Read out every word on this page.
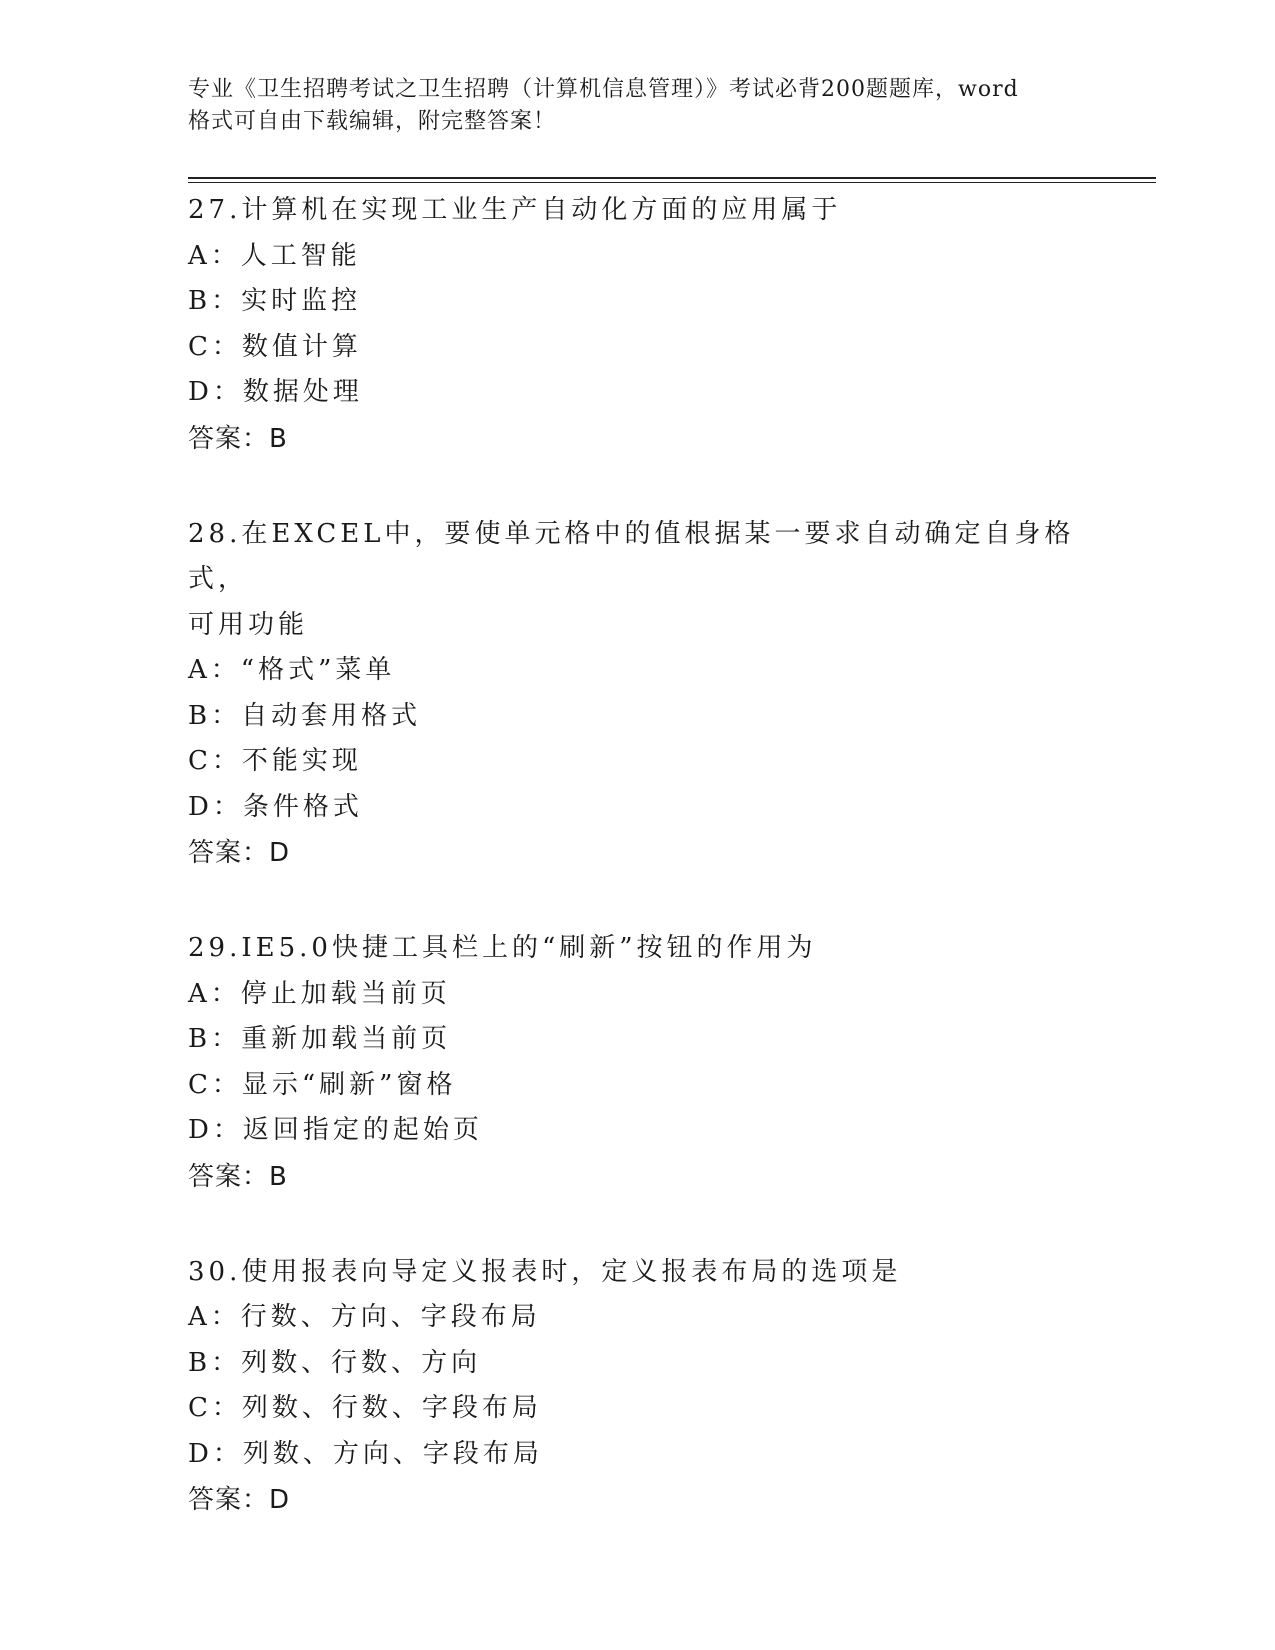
专业《卫生招聘考试之卫生招聘（计算机信息管理）》考试必背200题题库，word
格式可自由下载编辑，附完整答案！
27.计算机在实现工业生产自动化方面的应用属于
A：人工智能
B：实时监控
C：数值计算
D：数据处理
答案：B
28.在EXCEL中，要使单元格中的值根据某一要求自动确定自身格式，
可用功能
A：“格式”菜单
B：自动套用格式
C：不能实现
D：条件格式
答案：D
29.IE5.0快捷工具栏上的“刷新”按钮的作用为
A：停止加载当前页
B：重新加载当前页
C：显示“刷新”窗格
D：返回指定的起始页
答案：B
30.使用报表向导定义报表时，定义报表布局的选项是
A：行数、方向、字段布局
B：列数、行数、方向
C：列数、行数、字段布局
D：列数、方向、字段布局
答案：D
